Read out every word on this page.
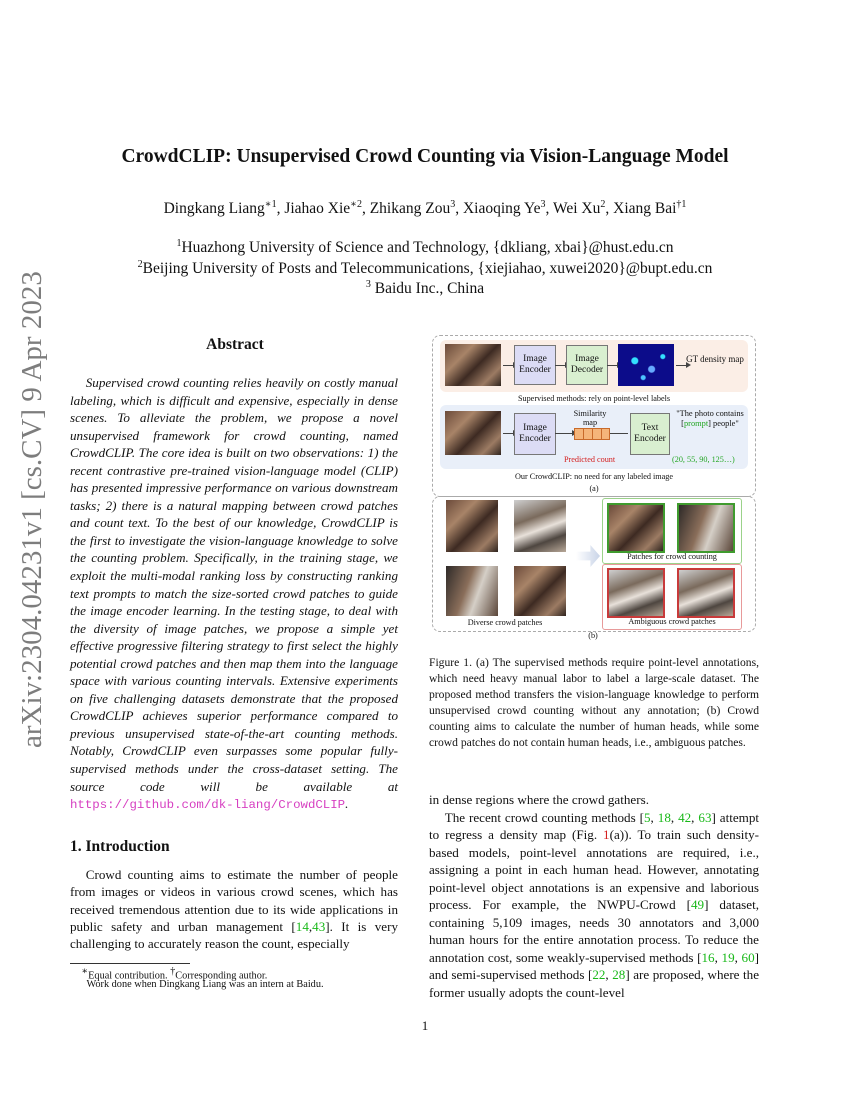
arXiv:2304.04231v1 [cs.CV] 9 Apr 2023
CrowdCLIP: Unsupervised Crowd Counting via Vision-Language Model
Dingkang Liang$^{∗1}$, Jiahao Xie$^{∗2}$, Zhikang Zou$^3$, Xiaoqing Ye$^3$, Wei Xu$^2$, Xiang Bai$^{\dagger 1}$
$^1$Huazhong University of Science and Technology, {dkliang, xbai}@hust.edu.cn
$^2$Beijing University of Posts and Telecommunications, {xiejiahao, xuwei2020}@bupt.edu.cn
$^3$ Baidu Inc., China
Abstract

Supervised crowd counting relies heavily on costly manual labeling, which is difficult and expensive, especially in dense scenes. To alleviate the problem, we propose a novel unsupervised framework for crowd counting, named CrowdCLIP. The core idea is built on two observations: 1) the recent contrastive pre-trained vision-language model (CLIP) has presented impressive performance on various downstream tasks; 2) there is a natural mapping between crowd patches and count text. To the best of our knowledge, CrowdCLIP is the first to investigate the vision-language knowledge to solve the counting problem. Specifically, in the training stage, we exploit the multi-modal ranking loss by constructing ranking text prompts to match the size-sorted crowd patches to guide the image encoder learning. In the testing stage, to deal with the diversity of image patches, we propose a simple yet effective progressive filtering strategy to first select the highly potential crowd patches and then map them into the language space with various counting intervals. Extensive experiments on five challenging datasets demonstrate that the proposed CrowdCLIP achieves superior performance compared to previous unsupervised state-of-the-art counting methods. Notably, CrowdCLIP even surpasses some popular fully-supervised methods under the cross-dataset setting. The source code will be available at https://github.com/dk-liang/CrowdCLIP.

1. Introduction

Crowd counting aims to estimate the number of people from images or videos in various crowd scenes, which has received tremendous attention due to its wide applications in public safety and urban management [14,43]. It is very challenging to accurately reason the count, especially

∗Equal contribution. †Corresponding author.
Work done when Dingkang Liang was an intern at Baidu.
Image Encoder
Image Decoder
GT density map
Supervised methods: rely on point-level labels
Image Encoder
Similarity map
Text Encoder
"The photo contains [prompt] people"
Predicted count	(20, 55, 90, 125…)
Our CrowdCLIP: no need for any labeled image
(a)
Diverse crowd patches
Patches for crowd counting
Ambiguous crowd patches
(b)
Figure 1. (a) The supervised methods require point-level annotations, which need heavy manual labor to label a large-scale dataset. The proposed method transfers the vision-language knowledge to perform unsupervised crowd counting without any annotation; (b) Crowd counting aims to calculate the number of human heads, while some crowd patches do not contain human heads, i.e., ambiguous patches.

in dense regions where the crowd gathers.

The recent crowd counting methods [5, 18, 42, 63] attempt to regress a density map (Fig. 1(a)). To train such density-based models, point-level annotations are required, i.e., assigning a point in each human head. However, annotating point-level object annotations is an expensive and laborious process. For example, the NWPU-Crowd [49] dataset, containing 5,109 images, needs 30 annotators and 3,000 human hours for the entire annotation process. To reduce the annotation cost, some weakly-supervised methods [16, 19, 60] and semi-supervised methods [22, 28] are proposed, where the former usually adopts the count-level

1
